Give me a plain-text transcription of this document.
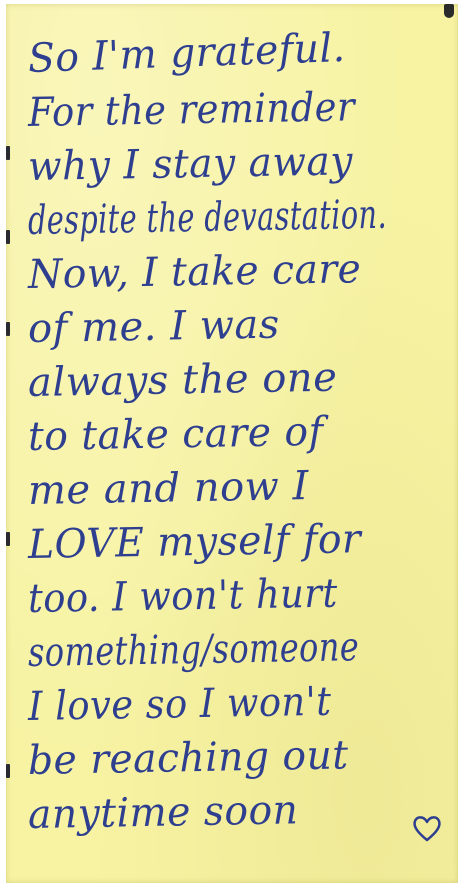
So I'm grateful.
For the reminder
why I stay away
despite the devastation.
Now, I take care
of me. I was
always the one
to take care of
me and now I
LOVE myself for
too. I won't hurt
something/someone
I love so I won't
be reaching out
anytime soon
